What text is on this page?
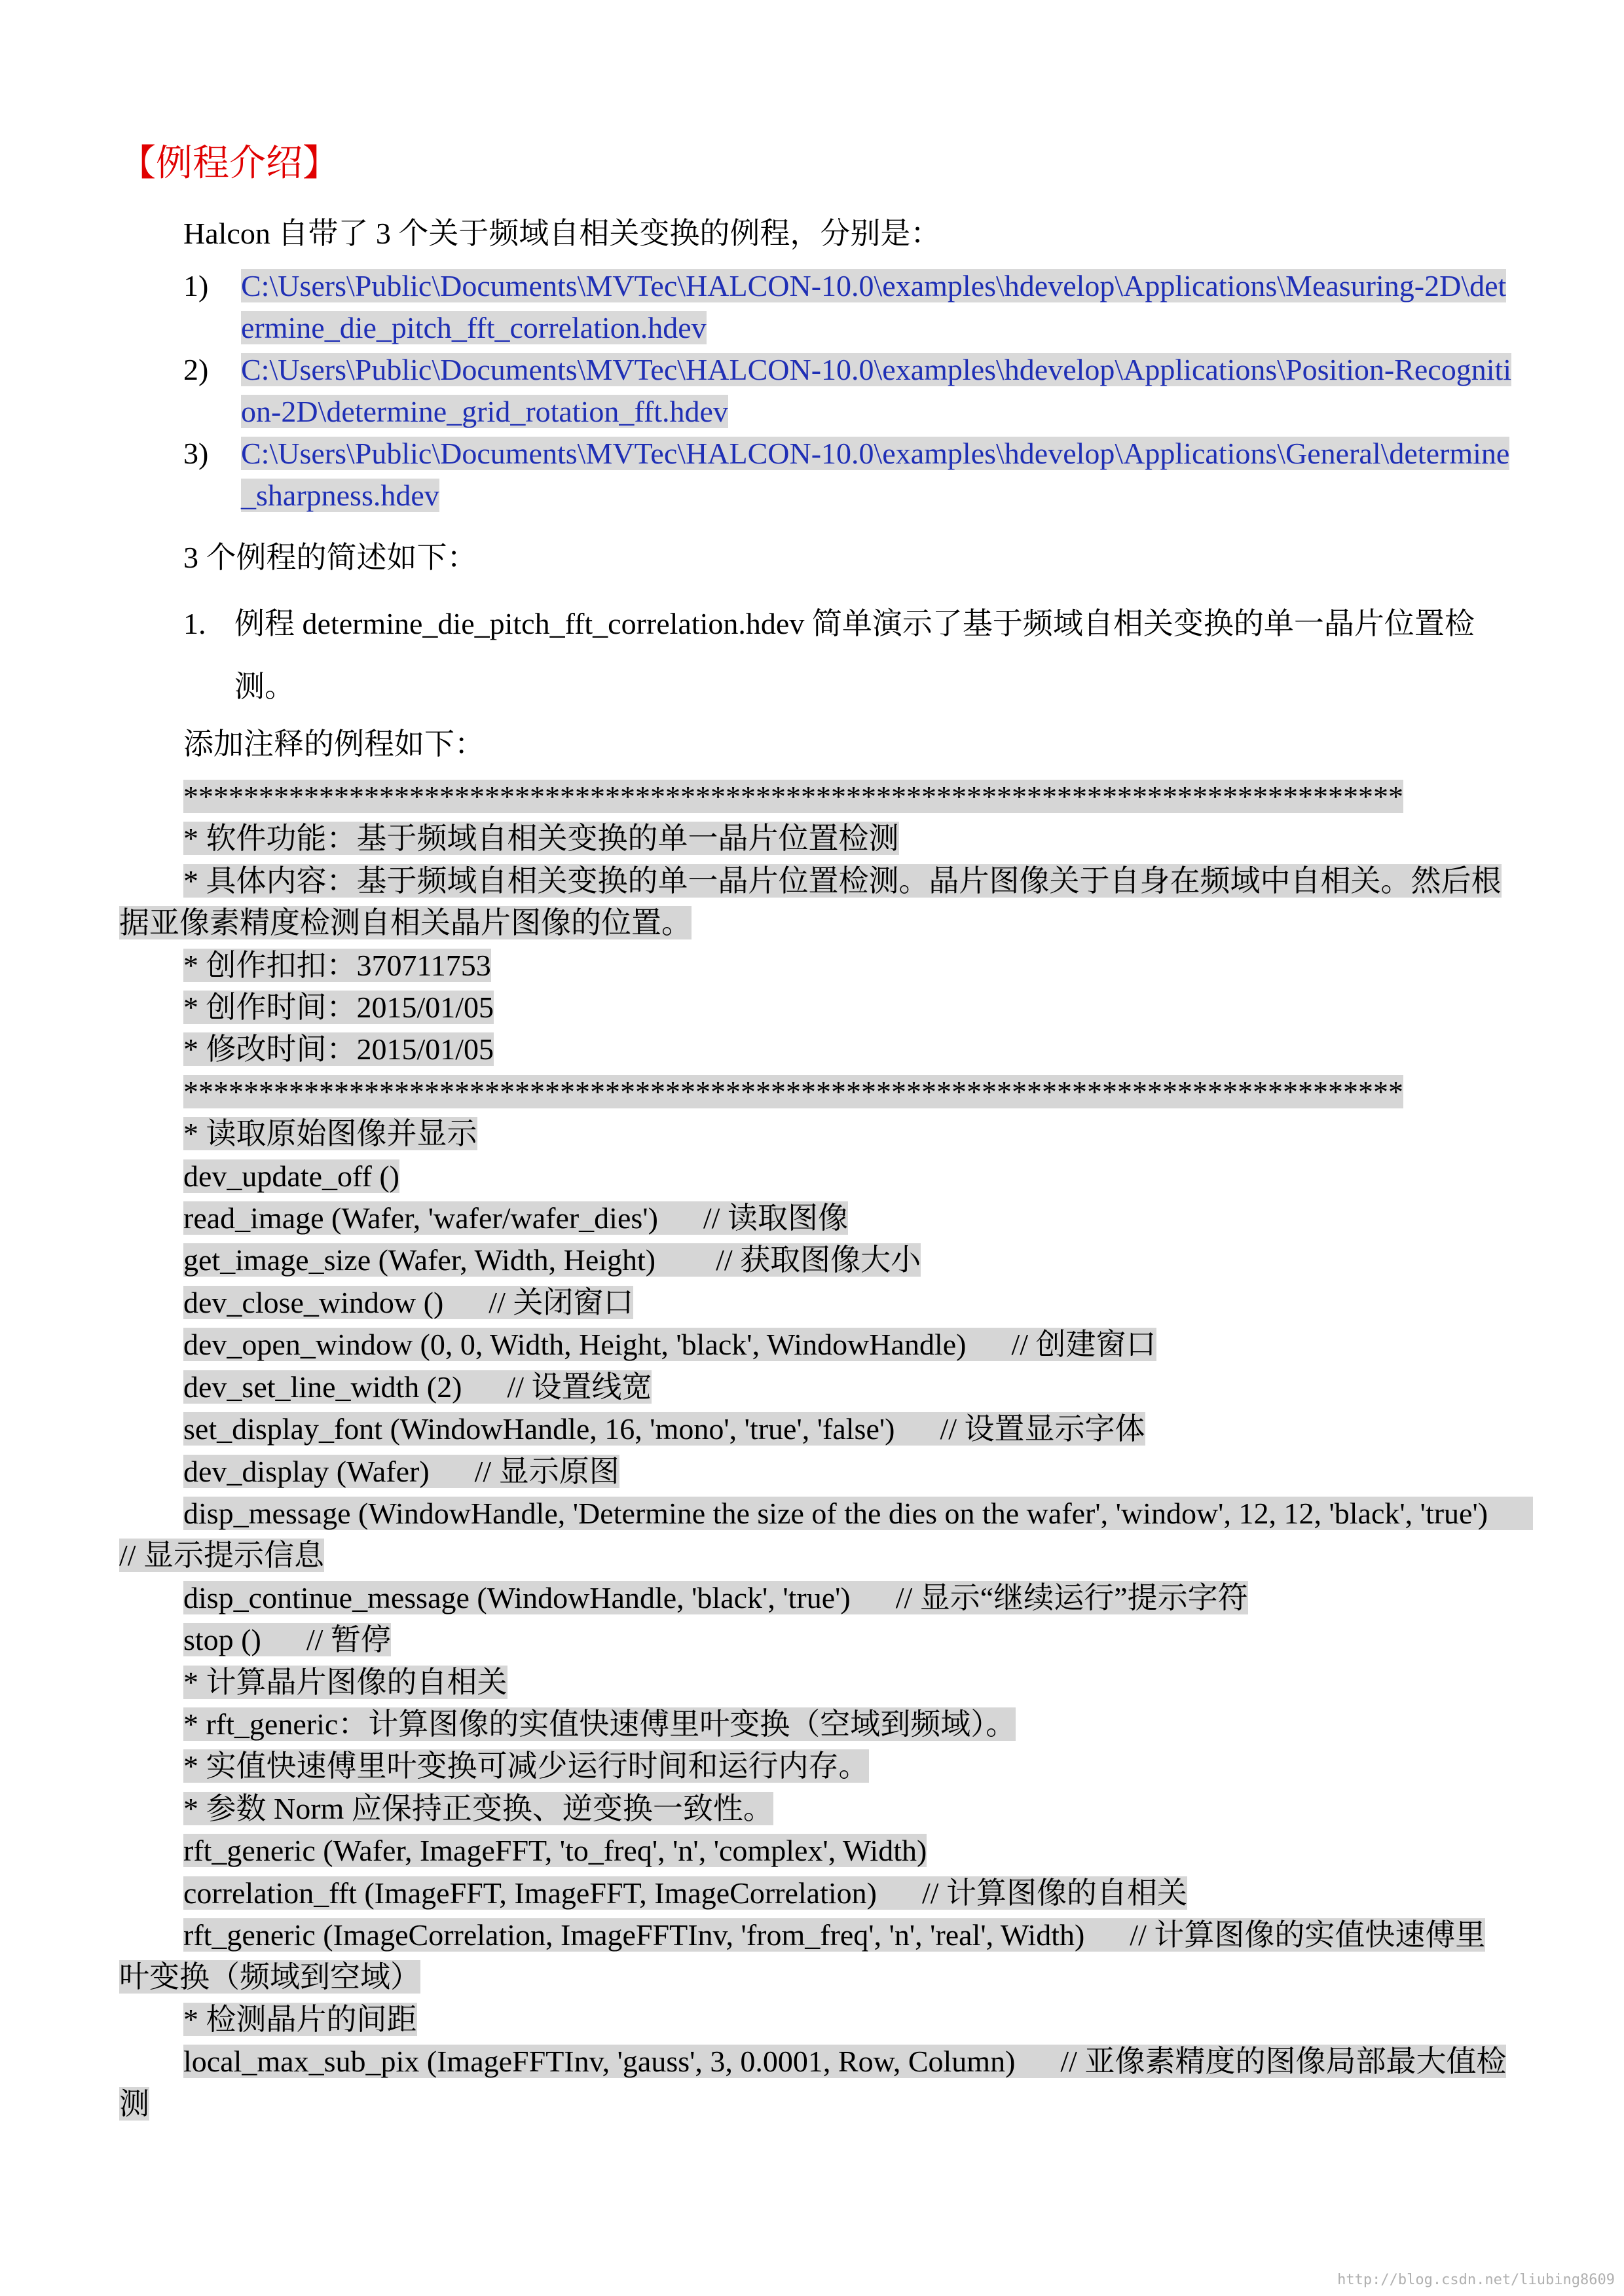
【例程介绍】
Halcon 自带了 3 个关于频域自相关变换的例程，分别是：
1) C:\Users\Public\Documents\MVTec\HALCON-10.0\examples\hdevelop\Applications\Measuring-2D\determine_die_pitch_fft_correlation.hdev
2) C:\Users\Public\Documents\MVTec\HALCON-10.0\examples\hdevelop\Applications\Position-Recognition-2D\determine_grid_rotation_fft.hdev
3) C:\Users\Public\Documents\MVTec\HALCON-10.0\examples\hdevelop\Applications\General\determine_sharpness.hdev
3 个例程的简述如下：
1. 例程 determine_die_pitch_fft_correlation.hdev 简单演示了基于频域自相关变换的单一晶片位置检测。
添加注释的例程如下：
*********************************************************************************
* 软件功能：基于频域自相关变换的单一晶片位置检测
* 具体内容：基于频域自相关变换的单一晶片位置检测。晶片图像关于自身在频域中自相关。然后根据亚像素精度检测自相关晶片图像的位置。
* 创作扣扣：370711753
* 创作时间：2015/01/05
* 修改时间：2015/01/05
*********************************************************************************
* 读取原始图像并显示
dev_update_off ()
read_image (Wafer, 'wafer/wafer_dies')      // 读取图像
get_image_size (Wafer, Width, Height)        // 获取图像大小
dev_close_window ()      // 关闭窗口
dev_open_window (0, 0, Width, Height, 'black', WindowHandle)      // 创建窗口
dev_set_line_width (2)      // 设置线宽
set_display_font (WindowHandle, 16, 'mono', 'true', 'false')      // 设置显示字体
dev_display (Wafer)      // 显示原图
disp_message (WindowHandle, 'Determine the size of the dies on the wafer', 'window', 12, 12, 'black', 'true')      // 显示提示信息
disp_continue_message (WindowHandle, 'black', 'true')      // 显示“继续运行”提示字符
stop ()      // 暂停
* 计算晶片图像的自相关
* rft_generic：计算图像的实值快速傅里叶变换（空域到频域）。
* 实值快速傅里叶变换可减少运行时间和运行内存。
* 参数 Norm 应保持正变换、逆变换一致性。
rft_generic (Wafer, ImageFFT, 'to_freq', 'n', 'complex', Width)
correlation_fft (ImageFFT, ImageFFT, ImageCorrelation)      // 计算图像的自相关
rft_generic (ImageCorrelation, ImageFFTInv, 'from_freq', 'n', 'real', Width)      // 计算图像的实值快速傅里叶变换（频域到空域）
* 检测晶片的间距
local_max_sub_pix (ImageFFTInv, 'gauss', 3, 0.0001, Row, Column)      // 亚像素精度的图像局部最大值检测
http://blog.csdn.net/liubing8609
